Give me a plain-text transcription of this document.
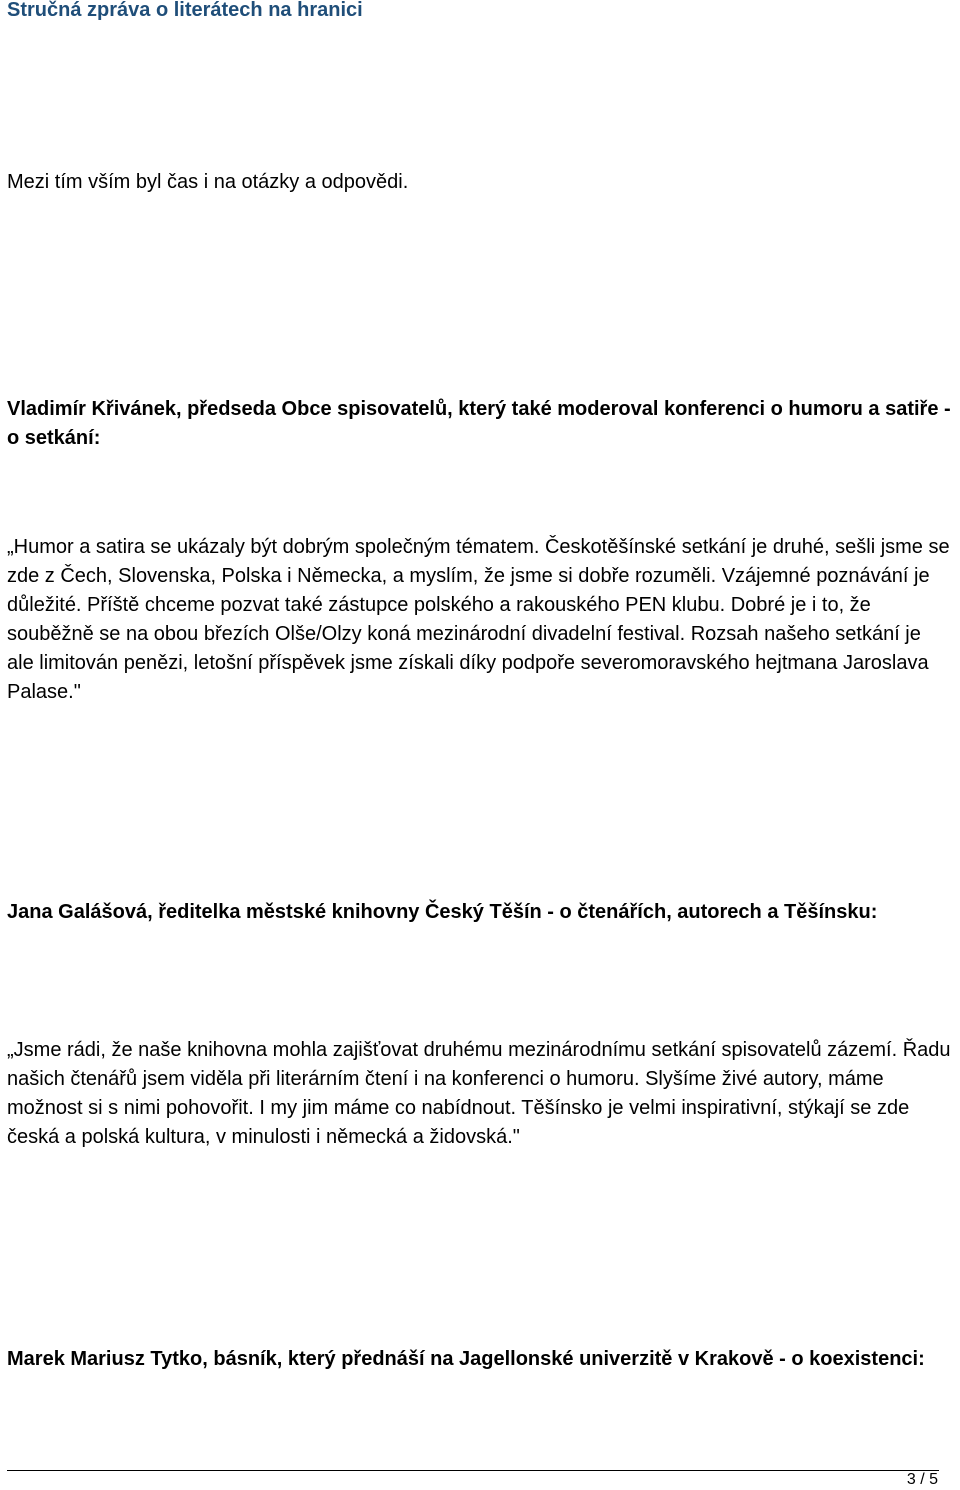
Stručná zpráva o literátech na hranici

Mezi tím vším byl čas i na otázky a odpovědi.

Vladimír Křivánek, předseda Obce spisovatelů, který také moderoval konferenci o humoru a satiře - o setkání:

„Humor a satira se ukázaly být dobrým společným tématem. Českotěšínské setkání je druhé, sešli jsme se zde z Čech, Slovenska, Polska i Německa, a myslím, že jsme si dobře rozuměli. Vzájemné poznávání je důležité. Příště chceme pozvat také zástupce polského a rakouského PEN klubu. Dobré je i to, že souběžně se na obou březích Olše/Olzy koná mezinárodní divadelní festival. Rozsah našeho setkání je ale limitován penězi, letošní příspěvek jsme získali díky podpoře severomoravského hejtmana Jaroslava Palase."

Jana Galášová, ředitelka městské knihovny Český Těšín - o čtenářích, autorech a Těšínsku:

„Jsme rádi, že naše knihovna mohla zajišťovat druhému mezinárodnímu setkání spisovatelů zázemí. Řadu našich čtenářů jsem viděla při literárním čtení i na konferenci o humoru. Slyšíme živé autory, máme možnost si s nimi pohovořit. I my jim máme co nabídnout. Těšínsko je velmi inspirativní, stýkají se zde česká a polská kultura, v minulosti i německá a židovská."

Marek Mariusz Tytko, básník, který přednáší na Jagellonské univerzitě v Krakově - o koexistenci:

3 / 5
